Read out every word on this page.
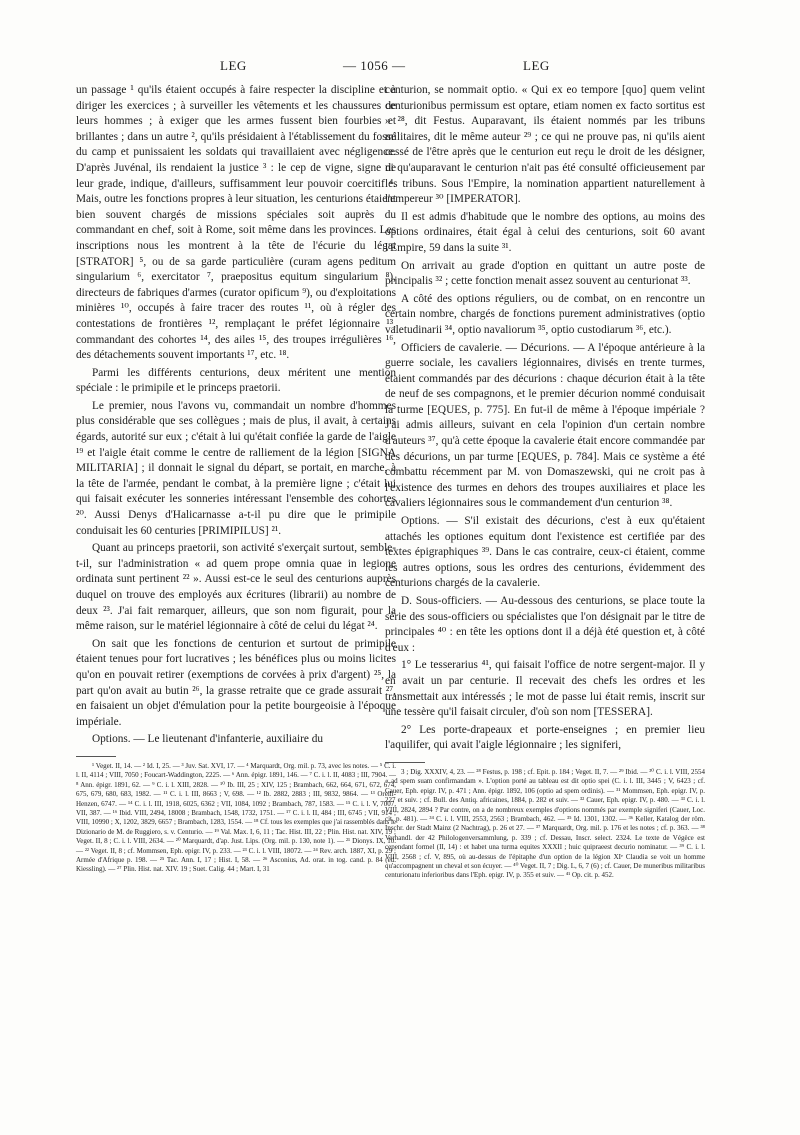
LEG	— 1056 —	LEG

un passage ¹ qu'ils étaient occupés à faire respecter la discipline et à diriger les exercices ; à surveiller les vêtements et les chaussures de leurs hommes ; à exiger que les armes fussent bien fourbies et brillantes ; dans un autre ², qu'ils présidaient à l'établissement du fossé du camp et punissaient les soldats qui travaillaient avec négligence. D'après Juvénal, ils rendaient la justice ³ : le cep de vigne, signe de leur grade, indique, d'ailleurs, suffisamment leur pouvoir coercitif ⁴. Mais, outre les fonctions propres à leur situation, les centurions étaient bien souvent chargés de missions spéciales soit auprès du commandant en chef, soit à Rome, soit même dans les provinces. Les inscriptions nous les montrent à la tête de l'écurie du légat [STRATOR] ⁵, ou de sa garde particulière (curam agens peditum singularium ⁶, exercitator ⁷, praepositus equitum singularium ⁸), directeurs de fabriques d'armes (curator opificum ⁹), ou d'exploitations minières ¹⁰, occupés à faire tracer des routes ¹¹, où à régler des contestations de frontières ¹², remplaçant le préfet légionnaire ¹³, commandant des cohortes ¹⁴, des ailes ¹⁵, des troupes irrégulières ¹⁶, des détachements souvent importants ¹⁷, etc. ¹⁸.

Parmi les différents centurions, deux méritent une mention spéciale : le primipile et le princeps praetorii.

Le premier, nous l'avons vu, commandait un nombre d'hommes plus considérable que ses collègues ; mais de plus, il avait, à certains égards, autorité sur eux ; c'était à lui qu'était confiée la garde de l'aigle ¹⁹ et l'aigle était comme le centre de ralliement de la légion [SIGNA MILITARIA] ; il donnait le signal du départ, se portait, en marche, à la tête de l'armée, pendant le combat, à la première ligne ; c'était lui qui faisait exécuter les sonneries intéressant l'ensemble des cohortes ²⁰. Aussi Denys d'Halicarnasse a-t-il pu dire que le primipile conduisait les 60 centuries [PRIMIPILUS] ²¹.

Quant au princeps praetorii, son activité s'exerçait surtout, semble-t-il, sur l'administration « ad quem prope omnia quae in legione ordinata sunt pertinent ²² ». Aussi est-ce le seul des centurions auprès duquel on trouve des employés aux écritures (librarii) au nombre de deux ²³. J'ai fait remarquer, ailleurs, que son nom figurait, pour la même raison, sur le matériel légionnaire à côté de celui du légat ²⁴.

On sait que les fonctions de centurion et surtout de primipile étaient tenues pour fort lucratives ; les bénéfices plus ou moins licites qu'on en pouvait retirer (exemptions de corvées à prix d'argent) ²⁵, la part qu'on avait au butin ²⁶, la grasse retraite que ce grade assurait ²⁷, en faisaient un objet d'émulation pour la petite bourgeoisie à l'époque impériale.

Options. — Le lieutenant d'infanterie, auxiliaire du

¹ Veget. II, 14. — ² Id. I, 25. — ³ Juv. Sat. XVI, 17. — ⁴ Marquardt, Org. mil. p. 73, avec les notes. — ⁵ C. i. l. II, 4114 ; VIII, 7050 ; Foucart-Waddington, 2225. — ⁶ Ann. épigr. 1891, 146. — ⁷ C. i. l. II, 4083 ; III, 7904. — ⁸ Ann. épigr. 1891, 62. — ⁹ C. i. l. XIII, 2828. — ¹⁰ Ib. III, 25 ; XIV, 125 ; Brambach, 662, 664, 671, 672, 674, 675, 679, 680, 683, 1982. — ¹¹ C. i. l. III, 8663 ; V, 698. — ¹² Ib. 2882, 2883 ; III, 9832, 9864. — ¹³ Orelli-Henzen, 6747. — ¹⁴ C. i. l. III, 1918, 6025, 6362 ; VII, 1084, 1092 ; Brambach, 787, 1583. — ¹⁵ C. i. l. V, 7007, VII, 387. — ¹⁶ Ibid. VIII, 2494, 18008 ; Brambach, 1548, 1732, 1751. — ¹⁷ C. i. l. II, 484 ; III, 6745 ; VII, 914 ; VIII, 10990 ; X, 1202, 3829, 6657 ; Brambach, 1283, 1554. — ¹⁸ Cf. tous les exemples que j'ai rassemblés dans le Dizionario de M. de Ruggiero, s. v. Centurio. — ¹⁹ Val. Max. I, 6, 11 ; Tac. Hist. III, 22 ; Plin. Hist. nat. XIV, 19 ; Veget. II, 8 ; C. i. l. VIII, 2634. — ²⁰ Marquardt, d'ap. Just. Lips. (Org. mil. p. 130, note 1). — ²¹ Dionys. IX, 10. — ²² Veget. II, 8 ; cf. Mommsen, Eph. epigr. IV, p. 233. — ²³ C. i. l. VIII, 18072. — ²⁴ Rev. arch. 1887, XI, p. 29 ; Armée d'Afrique p. 198. — ²⁵ Tac. Ann. I, 17 ; Hist. I, 58. — ²⁶ Asconius, Ad. orat. in tog. cand. p. 84 (éd. Kiessling). — ²⁷ Plin. Hist. nat. XIV. 19 ; Suet. Calig. 44 ; Mart. I, 31

centurion, se nommait optio. « Qui ex eo tempore [quo] quem velint centurionibus permissum est optare, etiam nomen ex facto sortitus est » ²⁸, dit Festus. Auparavant, ils étaient nommés par les tribuns militaires, dit le même auteur ²⁹ ; ce qui ne prouve pas, ni qu'ils aient cessé de l'être après que le centurion eut reçu le droit de les désigner, ni qu'auparavant le centurion n'ait pas été consulté officieusement par les tribuns. Sous l'Empire, la nomination appartient naturellement à l'empereur ³⁰ [IMPERATOR].

Il est admis d'habitude que le nombre des options, au moins des options ordinaires, était égal à celui des centurions, soit 60 avant l'Empire, 59 dans la suite ³¹.

On arrivait au grade d'option en quittant un autre poste de principalis ³² ; cette fonction menait assez souvent au centurionat ³³.

A côté des options réguliers, ou de combat, on en rencontre un certain nombre, chargés de fonctions purement administratives (optio valetudinarii ³⁴, optio navaliorum ³⁵, optio custodiarum ³⁶, etc.).

Officiers de cavalerie. — Décurions. — A l'époque antérieure à la guerre sociale, les cavaliers légionnaires, divisés en trente turmes, étaient commandés par des décurions : chaque décurion était à la tête de neuf de ses compagnons, et le premier décurion nommé conduisait la turme [EQUES, p. 775]. En fut-il de même à l'époque impériale ? J'ai admis ailleurs, suivant en cela l'opinion d'un certain nombre d'auteurs ³⁷, qu'à cette époque la cavalerie était encore commandée par des décurions, un par turme [EQUES, p. 784]. Mais ce système a été combattu récemment par M. von Domaszewski, qui ne croit pas à l'existence des turmes en dehors des troupes auxiliaires et place les cavaliers légionnaires sous le commandement d'un centurion ³⁸.

Options. — S'il existait des décurions, c'est à eux qu'étaient attachés les optiones equitum dont l'existence est certifiée par des textes épigraphiques ³⁹. Dans le cas contraire, ceux-ci étaient, comme les autres options, sous les ordres des centurions, évidemment des centurions chargés de la cavalerie.

D. Sous-officiers. — Au-dessous des centurions, se place toute la série des sous-officiers ou spécialistes que l'on désignait par le titre de principales ⁴⁰ : en tête les options dont il a déjà été question et, à côté d'eux :

1° Le tesserarius ⁴¹, qui faisait l'office de notre sergent-major. Il y en avait un par centurie. Il recevait des chefs les ordres et les transmettait aux intéressés ; le mot de passe lui était remis, inscrit sur une tessère qu'il faisait circuler, d'où son nom [TESSERA].

2° Les porte-drapeaux et porte-enseignes ; en premier lieu l'aquilifer, qui avait l'aigle légionnaire ; les signiferi,

3 ; Dig. XXXIV, 4, 23. — ²⁸ Festus, p. 198 ; cf. Epit. p. 184 ; Veget. II, 7. — ²⁹ Ibid. — ³⁰ C. i. l. VIII, 2554 « ad spem suam confirmandam ». L'option porté au tableau est dit optio spei (C. i. l. III, 3445 ; V, 6423 ; cf. Cauer, Eph. epigr. IV, p. 471 ; Ann. épigr. 1892, 106 (optio ad spem ordinis). — ³¹ Mommsen, Eph. epigr. IV, p. 227 et suiv. ; cf. Bull. des Antiq. africaines, 1884, p. 282 et suiv. — ³² Cauer, Eph. epigr. IV, p. 480. — ³³ C. i. l. VIII, 2824, 2894 ? Par contre, on a de nombreux exemples d'options nommés par exemple signiferi (Cauer, Loc. cit. p. 481). — ³⁴ C. i. l. VIII, 2553, 2563 ; Brambach, 462. — ³⁵ Id. 1301, 1302. — ³⁶ Keller, Katalog der röm. Inschr. der Stadt Mainz (2 Nachtrag), p. 26 et 27. — ³⁷ Marquardt, Org. mil. p. 176 et les notes ; cf. p. 363. — ³⁸ Verhandl. der 42 Philologenversammlung, p. 339 ; cf. Dessau, Inscr. select. 2324. Le texte de Végèce est cependant formel (II, 14) : et habet una turma equites XXXII ; huic quipraeest decurio nominatur. — ³⁹ C. i. l. VIII, 2568 ; cf. V, 895, où au-dessus de l'épitaphe d'un option de la légion XIᵉ Claudia se voit un homme qu'accompagnent un cheval et son écuyer. — ⁴⁰ Veget. II, 7 ; Dig. L, 6, 7 (6) ; cf. Cauer, De muneribus militaribus centurionatu inferioribus dans l'Eph. epigr. IV, p. 355 et suiv. — ⁴¹ Op. cit. p. 452.
